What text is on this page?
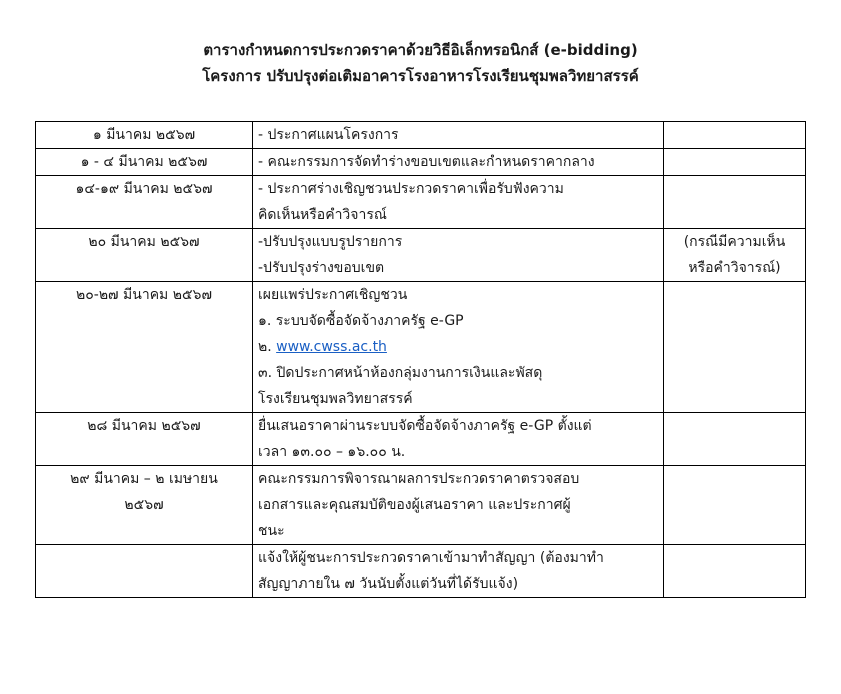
ตารางกำหนดการประกวดราคาด้วยวิธีอิเล็กทรอนิกส์ (e-bidding)
โครงการ ปรับปรุงต่อเติมอาคารโรงอาหารโรงเรียนชุมพลวิทยาสรรค์
๑ มีนาคม ๒๕๖๗	- ประกาศแผนโครงการ	

๑ - ๔ มีนาคม ๒๕๖๗	- คณะกรรมการจัดทำร่างขอบเขตและกำหนดราคากลาง	

๑๔-๑๙ มีนาคม ๒๕๖๗	- ประกาศร่างเชิญชวนประกวดราคาเพื่อรับฟังความ
คิดเห็นหรือคำวิจารณ์	

๒๐ มีนาคม ๒๕๖๗	-ปรับปรุงแบบรูปรายการ
-ปรับปรุงร่างขอบเขต	(กรณีมีความเห็น
หรือคำวิจารณ์)

๒๐-๒๗ มีนาคม ๒๕๖๗	เผยแพร่ประกาศเชิญชวน
๑. ระบบจัดซื้อจัดจ้างภาครัฐ e-GP
๒. www.cwss.ac.th
๓. ปิดประกาศหน้าห้องกลุ่มงานการเงินและพัสดุ
โรงเรียนชุมพลวิทยาสรรค์	

๒๘ มีนาคม ๒๕๖๗	ยื่นเสนอราคาผ่านระบบจัดซื้อจัดจ้างภาครัฐ e-GP ตั้งแต่
เวลา ๑๓.๐๐ – ๑๖.๐๐ น.	

๒๙ มีนาคม – ๒ เมษายน
๒๕๖๗	คณะกรรมการพิจารณาผลการประกวดราคาตรวจสอบ
เอกสารและคุณสมบัติของผู้เสนอราคา และประกาศผู้
ชนะ	

	แจ้งให้ผู้ชนะการประกวดราคาเข้ามาทำสัญญา (ต้องมาทำ
สัญญาภายใน ๗ วันนับตั้งแต่วันที่ได้รับแจ้ง)	
